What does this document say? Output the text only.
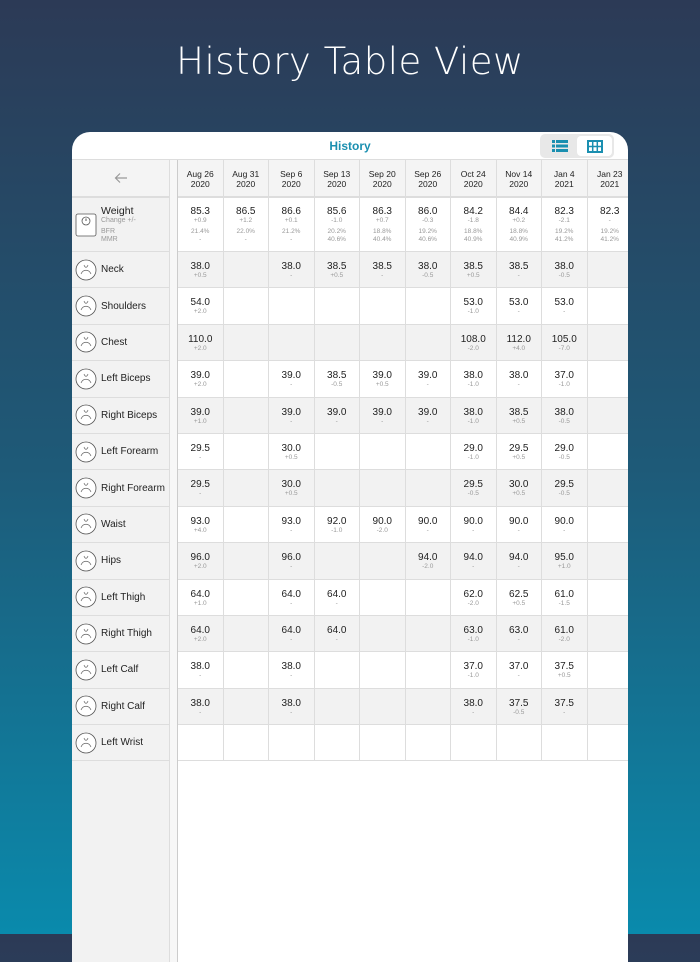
History Table View
History
Weight
Change +/-
BFR
MMR
Neck
Shoulders
Chest
Left Biceps
Right Biceps
Left Forearm
Right Forearm
Waist
Hips
Left Thigh
Right Thigh
Left Calf
Right Calf
Left Wrist
Aug 26
2020
Aug 31
2020
Sep 6
2020
Sep 13
2020
Sep 20
2020
Sep 26
2020
Oct 24
2020
Nov 14
2020
Jan 4
2021
Jan 23
2021
85.3
+0.9
21.4%
-
86.5
+1.2
22.0%
-
86.6
+0.1
21.2%
-
85.6
-1.0
20.2%
40.6%
86.3
+0.7
18.8%
40.4%
86.0
-0.3
19.2%
40.6%
84.2
-1.8
18.8%
40.9%
84.4
+0.2
18.8%
40.9%
82.3
-2.1
19.2%
41.2%
82.3
-
19.2%
41.2%
38.0
+0.5
38.0
-
38.5
+0.5
38.5
-
38.0
-0.5
38.5
+0.5
38.5
-
38.0
-0.5
54.0
+2.0
53.0
-1.0
53.0
-
53.0
-
110.0
+2.0
108.0
-2.0
112.0
+4.0
105.0
-7.0
39.0
+2.0
39.0
-
38.5
-0.5
39.0
+0.5
39.0
-
38.0
-1.0
38.0
-
37.0
-1.0
39.0
+1.0
39.0
-
39.0
-
39.0
-
39.0
-
38.0
-1.0
38.5
+0.5
38.0
-0.5
29.5
-
30.0
+0.5
29.0
-1.0
29.5
+0.5
29.0
-0.5
29.5
-
30.0
+0.5
29.5
-0.5
30.0
+0.5
29.5
-0.5
93.0
+4.0
93.0
-
92.0
-1.0
90.0
-2.0
90.0
-
90.0
-
90.0
-
90.0
-
96.0
+2.0
96.0
-
94.0
-2.0
94.0
-
94.0
-
95.0
+1.0
64.0
+1.0
64.0
-
64.0
-
62.0
-2.0
62.5
+0.5
61.0
-1.5
64.0
+2.0
64.0
-
64.0
-
63.0
-1.0
63.0
-
61.0
-2.0
38.0
-
38.0
-
37.0
-1.0
37.0
-
37.5
+0.5
38.0
-
38.0
-
38.0
-
37.5
-0.5
37.5
-
